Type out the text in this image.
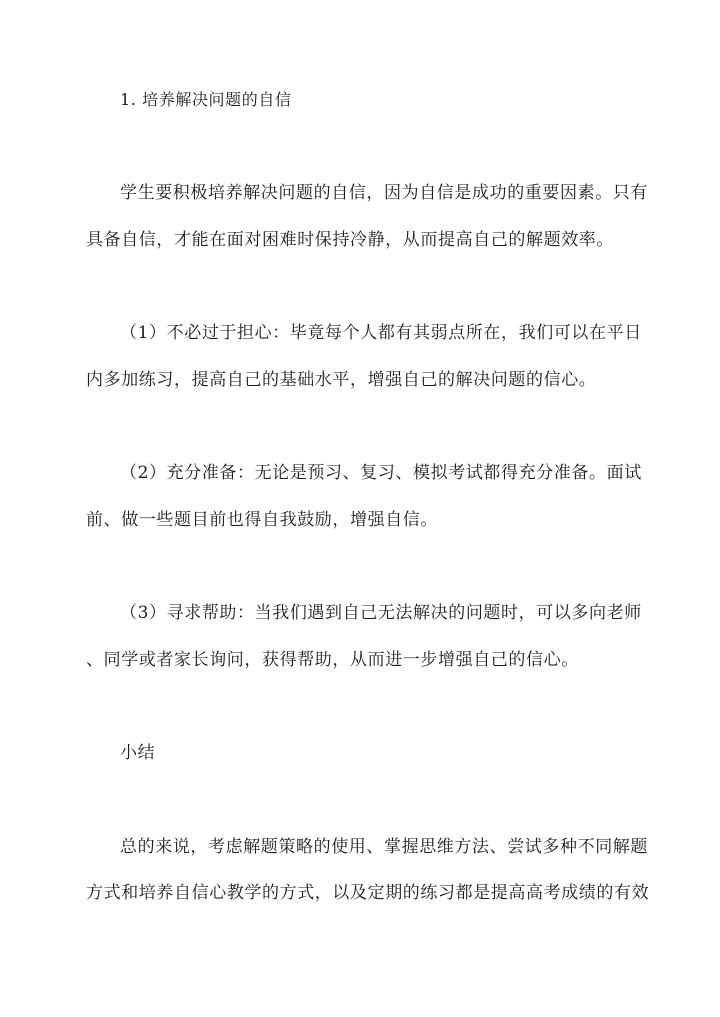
1. 培养解决问题的自信
学生要积极培养解决问题的自信，因为自信是成功的重要因素。只有
具备自信，才能在面对困难时保持冷静，从而提高自己的解题效率。
（1）不必过于担心：毕竟每个人都有其弱点所在，我们可以在平日
内多加练习，提高自己的基础水平，增强自己的解决问题的信心。
（2）充分准备：无论是预习、复习、模拟考试都得充分准备。面试
前、做一些题目前也得自我鼓励，增强自信。
（3）寻求帮助：当我们遇到自己无法解决的问题时，可以多向老师
、同学或者家长询问，获得帮助，从而进一步增强自己的信心。
小结
总的来说，考虑解题策略的使用、掌握思维方法、尝试多种不同解题
方式和培养自信心教学的方式，以及定期的练习都是提高高考成绩的有效
